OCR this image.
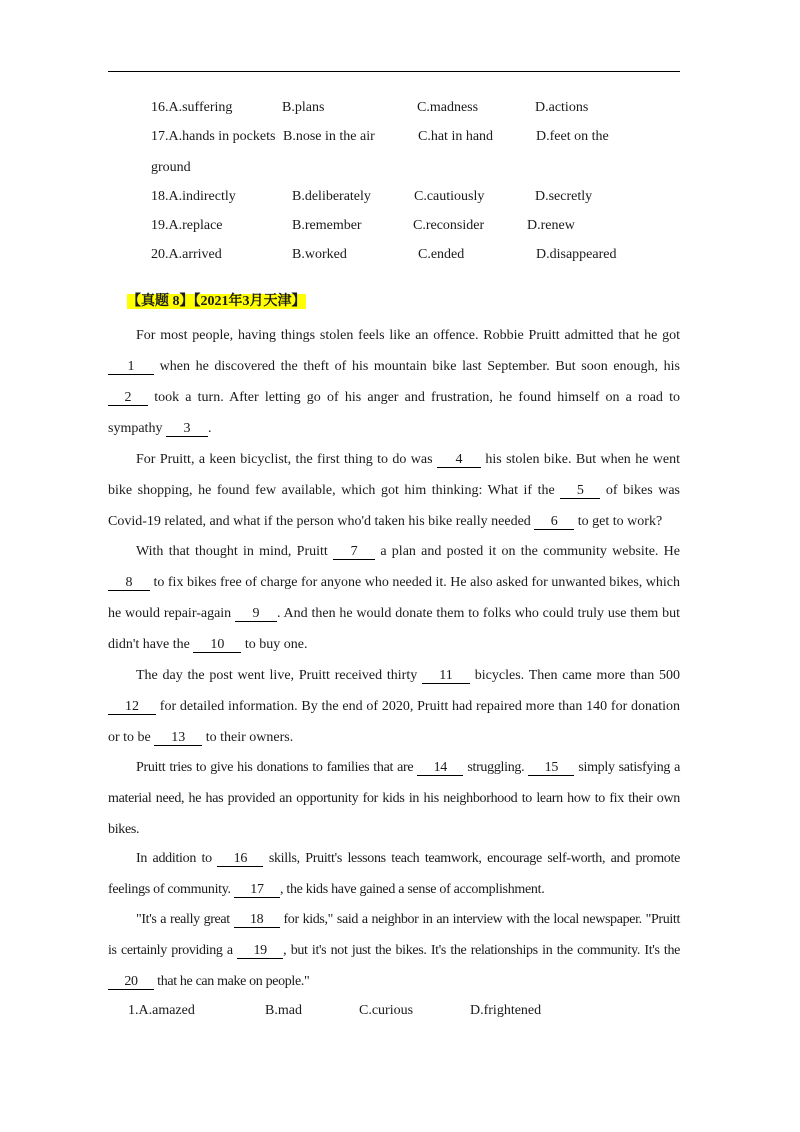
16.A.suffering	B.plans	C.madness	D.actions
17.A.hands in pockets B.nose in the air	C.hat in hand	D.feet on the
ground
18.A.indirectly	B.deliberately	C.cautiously	D.secretly
19.A.replace	B.remember	C.reconsider	D.renew
20.A.arrived	B.worked	C.ended	D.disappeared
【真题 8】【2021年3月天津】
For most people, having things stolen feels like an offence. Robbie Pruitt admitted that he got 1 when he discovered the theft of his mountain bike last September. But soon enough, his 2 took a turn. After letting go of his anger and frustration, he found himself on a road to sympathy 3 .
For Pruitt, a keen bicyclist, the first thing to do was 4 his stolen bike. But when he went bike shopping, he found few available, which got him thinking: What if the 5 of bikes was Covid-19 related, and what if the person who'd taken his bike really needed 6 to get to work?
With that thought in mind, Pruitt 7 a plan and posted it on the community website. He 8 to fix bikes free of charge for anyone who needed it. He also asked for unwanted bikes, which he would repair-again 9 . And then he would donate them to folks who could truly use them but didn't have the 10 to buy one.
The day the post went live, Pruitt received thirty 11 bicycles. Then came more than 500 12 for detailed information. By the end of 2020, Pruitt had repaired more than 140 for donation or to be 13 to their owners.
Pruitt tries to give his donations to families that are 14 struggling. 15 simply satisfying a material need, he has provided an opportunity for kids in his neighborhood to learn how to fix their own bikes.
In addition to 16 skills, Pruitt's lessons teach teamwork, encourage self-worth, and promote feelings of community. 17 , the kids have gained a sense of accomplishment.
"It's a really great 18 for kids," said a neighbor in an interview with the local newspaper. "Pruitt is certainly providing a 19 , but it's not just the bikes. It's the relationships in the community. It's the 20 that he can make on people."
1.A.amazed	B.mad	C.curious	D.frightened
